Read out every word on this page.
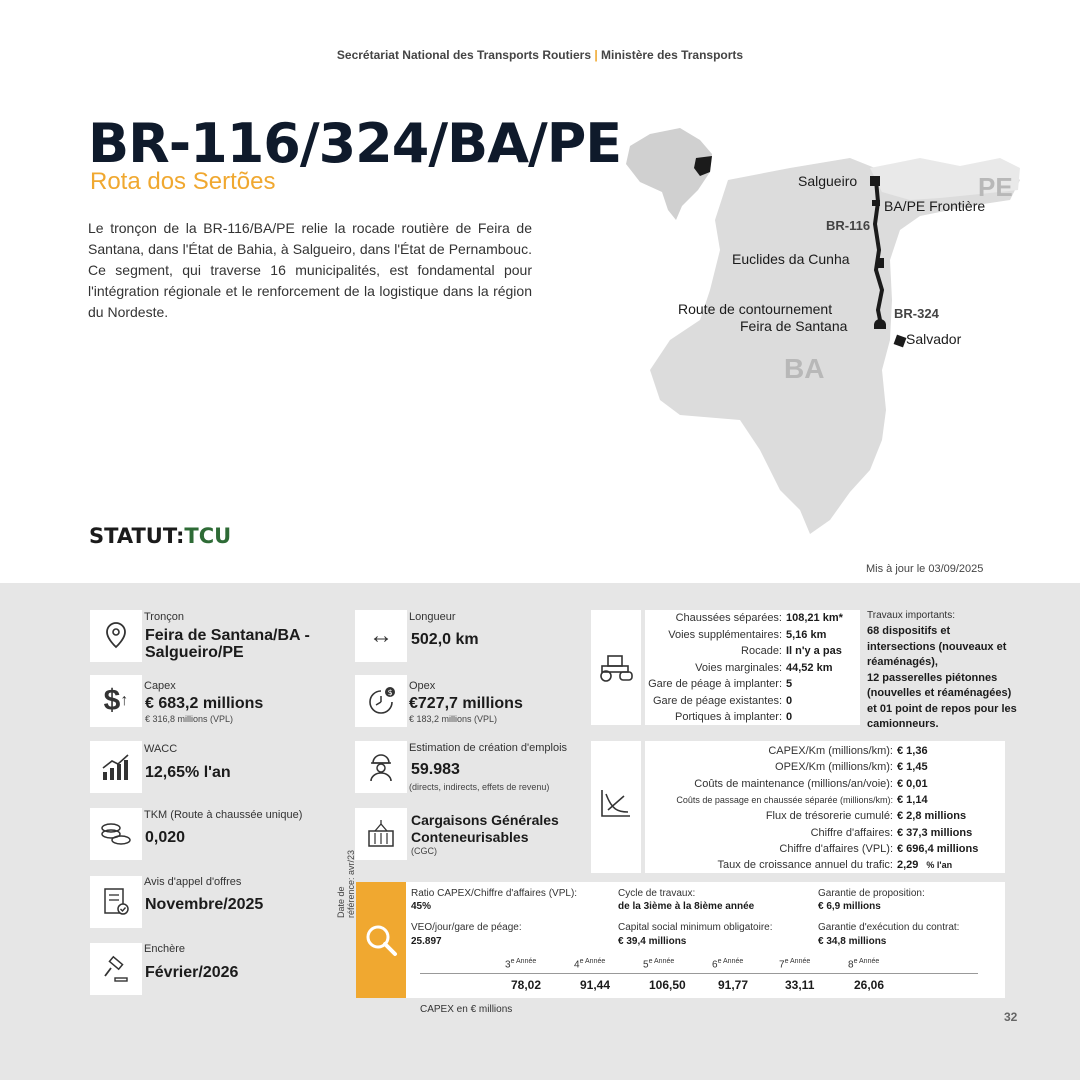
Secrétariat National des Transports Routiers | Ministère des Transports
BR-116/324/BA/PE
Rota dos Sertões
Le tronçon de la BR-116/BA/PE relie la rocade routière de Feira de Santana, dans l'État de Bahia, à Salgueiro, dans l'État de Pernambouc. Ce segment, qui traverse 16 municipalités, est fondamental pour l'intégration régionale et le renforcement de la logistique dans la région du Nordeste.
Salgueiro
BA/PE Frontière
BR-116
Euclides da Cunha
Route de contournement
Feira de Santana
BR-324
Salvador
PE
BA
STATUT:TCU
Mis à jour le 03/09/2025
Tronçon
Feira de Santana/BA -
Salgueiro/PE
$ ↑
Capex
€ 683,2 millions
€ 316,8 millions (VPL)
WACC
12,65% l'an
TKM (Route à chaussée unique)
0,020
Avis d'appel d'offres
Novembre/2025
Enchère
Février/2026
↔
Longueur
502,0 km
$
Opex
€727,7 millions
€ 183,2 millions (VPL)
Estimation de création d'emplois
59.983
(directs, indirects, effets de revenu)
Cargaisons Générales
Conteneurisables
(CGC)
Chaussées séparées: 108,21 km*
Voies supplémentaires: 5,16 km
Rocade: Il n'y a pas
Voies marginales: 44,52 km
Gare de péage à implanter: 5
Gare de péage existantes: 0
Portiques à implanter: 0
Travaux importants:
68 dispositifs et
intersections (nouveaux et
réaménagés),
12 passerelles piétonnes
(nouvelles et réaménagées)
et 01 point de repos pour les
camionneurs.
CAPEX/Km (millions/km): € 1,36
OPEX/Km (millions/km): € 1,45
Coûts de maintenance (millions/an/voie): € 0,01
Coûts de passage en chaussée séparée (millions/km): € 1,14
Flux de trésorerie cumulé: € 2,8 millions
Chiffre d'affaires: € 37,3 millions
Chiffre d'affaires (VPL): € 696,4 millions
Taux de croissance annuel du trafic: 2,29 % l'an
Date de référence: avr/23	Ratio CAPEX/Chiffre d'affaires (VPL):
45%
Cycle de travaux:
de la 3ième à la 8ième année
Garantie de proposition:
€ 6,9 millions
VEO/jour/gare de péage:
25.897
Capital social minimum obligatoire:
€ 39,4 millions
Garantie d'exécution du contrat:
€ 34,8 millions
$3^{e Année}$
78,02
$4^{e Année}$
91,44
$5^{e Année}$
106,50
$6^{e Année}$
91,77
$7^{e Année}$
33,11
$8^{e Année}$
26,06
CAPEX en € millions
32
